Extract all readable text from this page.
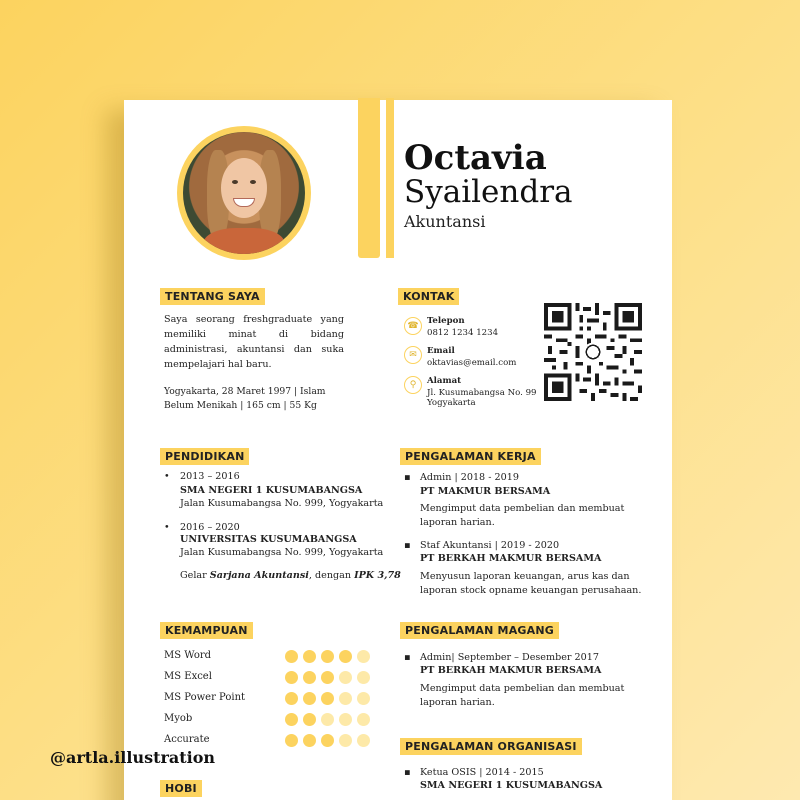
Octavia
Syailendra
Akuntansi
TENTANG SAYA
Saya seorang freshgraduate yang memiliki minat di bidang administrasi, akuntansi dan suka mempelajari hal baru.
Yogyakarta, 28 Maret 1997 | Islam
Belum Menikah | 165 cm | 55 Kg
KONTAK
☎ Telepon
0812 1234 1234
✉	Email
oktavias@email.com
⚲	Alamat
Jl. Kusumabangsa No. 99
Yogyakarta
PENDIDIKAN
• 2013 – 2016
SMA NEGERI 1 KUSUMABANGSA
Jalan Kusumabangsa No. 999, Yogyakarta
• 2016 – 2020
UNIVERSITAS KUSUMABANGSA
Jalan Kusumabangsa No. 999, Yogyakarta
Gelar Sarjana Akuntansi, dengan IPK 3,78
PENGALAMAN KERJA
▪ Admin | 2018 - 2019
PT MAKMUR BERSAMA
Mengimput data pembelian dan membuat
laporan harian.
▪ Staf Akuntansi | 2019 - 2020
PT BERKAH MAKMUR BERSAMA
Menyusun laporan keuangan, arus kas dan
laporan stock opname keuangan perusahaan.
KEMAMPUAN
MS Word
MS Excel
MS Power Point
Myob
Accurate
PENGALAMAN MAGANG
▪ Admin| September – Desember 2017
PT BERKAH MAKMUR BERSAMA
Mengimput data pembelian dan membuat
laporan harian.
PENGALAMAN ORGANISASI
▪ Ketua OSIS | 2014 - 2015
SMA NEGERI 1 KUSUMABANGSA
HOBI
@artla.illustration
